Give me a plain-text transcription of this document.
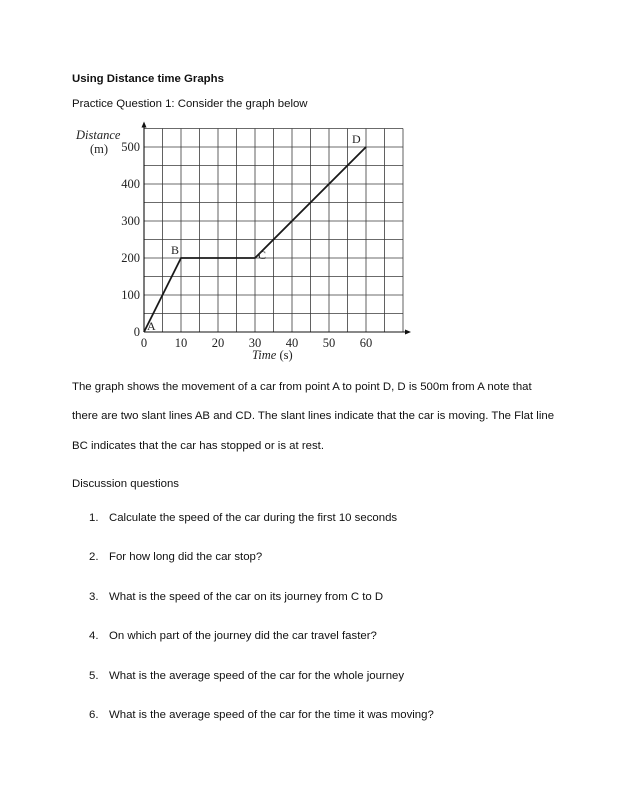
Using Distance time Graphs
Practice Question 1: Consider the graph below
0 10 20 30 40 50 60
0
100
200
300
400
500
Distance
(m)
Time (s)
A
B	C
D
The graph shows the movement of a car from point A to point D, D is 500m from A note that
there are two slant lines AB and CD. The slant lines indicate that the car is moving. The Flat line
BC indicates that the car has stopped or is at rest.
Discussion questions
1. Calculate the speed of the car during the first 10 seconds
2. For how long did the car stop?
3. What is the speed of the car on its journey from C to D
4. On which part of the journey did the car travel faster?
5. What is the average speed of the car for the whole journey
6. What is the average speed of the car for the time it was moving?
